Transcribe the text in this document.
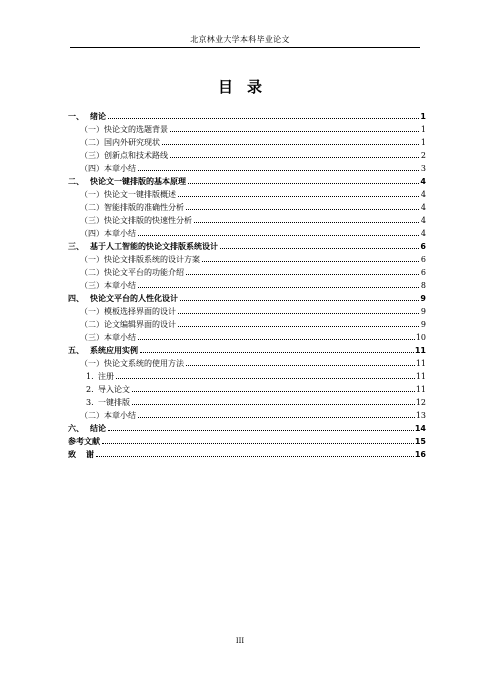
北京林业大学本科毕业论文
目录
一、 绪论	1
（一） 快论文的选题背景	1
（二） 国内外研究现状	1
（三） 创新点和技术路线	2
（四） 本章小结	3
二、 快论文一键排版的基本原理	4
（一） 快论文一键排版概述	4
（二） 智能排版的准确性分析	4
（三） 快论文排版的快速性分析	4
（四） 本章小结	4
三、 基于人工智能的快论文排版系统设计	6
（一） 快论文排版系统的设计方案	6
（二） 快论文平台的功能介绍	6
（三） 本章小结	8
四、 快论文平台的人性化设计	9
（一） 模板选择界面的设计	9
（二） 论文编辑界面的设计	9
（三） 本章小结	10
五、 系统应用实例	11
（一） 快论文系统的使用方法	11
1. 注册	11
2. 导入论文	11
3. 一键排版	12
（二） 本章小结	13
六、 结论	14
参考文献	15
致	谢	16
III
